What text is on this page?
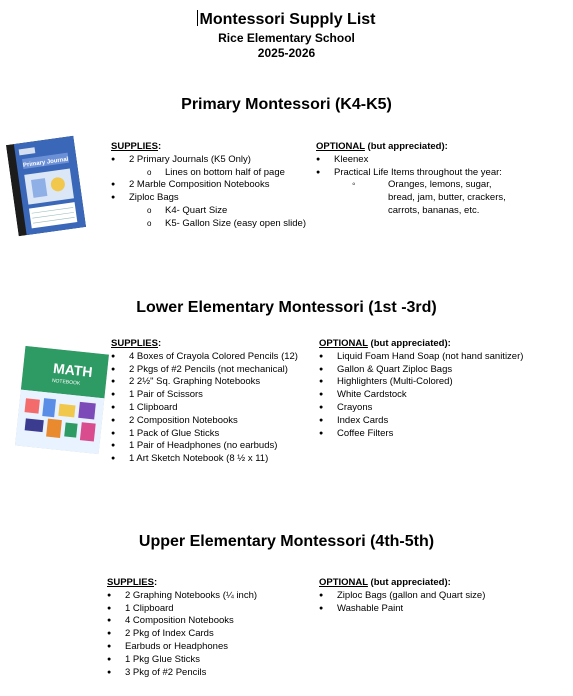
Montessori Supply List
Rice Elementary School
2025-2026
Primary Montessori (K4-K5)
Primary Journal
SUPPLIES:
● 2 Primary Journals (K5 Only)
o Lines on bottom half of page
● 2 Marble Composition Notebooks
● Ziploc Bags
o K4- Quart Size
o K5- Gallon Size (easy open slide)
OPTIONAL (but appreciated):
● Kleenex
● Practical Life Items throughout the year:
◦ Oranges, lemons, sugar, bread, jam, butter, crackers, carrots, bananas, etc.
Lower Elementary Montessori (1st -3rd)
MATH
NOTEBOOK
SUPPLIES:
● 4 Boxes of Crayola Colored Pencils (12)
● 2 Pkgs of #2 Pencils (not mechanical)
● 2 2½" Sq. Graphing Notebooks
● 1 Pair of Scissors
● 1 Clipboard
● 2 Composition Notebooks
● 1 Pack of Glue Sticks
● 1 Pair of Headphones (no earbuds)
● 1 Art Sketch Notebook (8 ½ x 11)
OPTIONAL (but appreciated):
● Liquid Foam Hand Soap (not hand sanitizer)
● Gallon & Quart Ziploc Bags
● Highlighters (Multi-Colored)
● White Cardstock
● Crayons
● Index Cards
● Coffee Filters
Upper Elementary Montessori (4th-5th)
SUPPLIES:
● 2 Graphing Notebooks (¼ inch)
● 1 Clipboard
● 4 Composition Notebooks
● 2 Pkg of Index Cards
● Earbuds or Headphones
● 1 Pkg Glue Sticks
● 3 Pkg of #2 Pencils
OPTIONAL (but appreciated):
● Ziploc Bags (gallon and Quart size)
● Washable Paint
